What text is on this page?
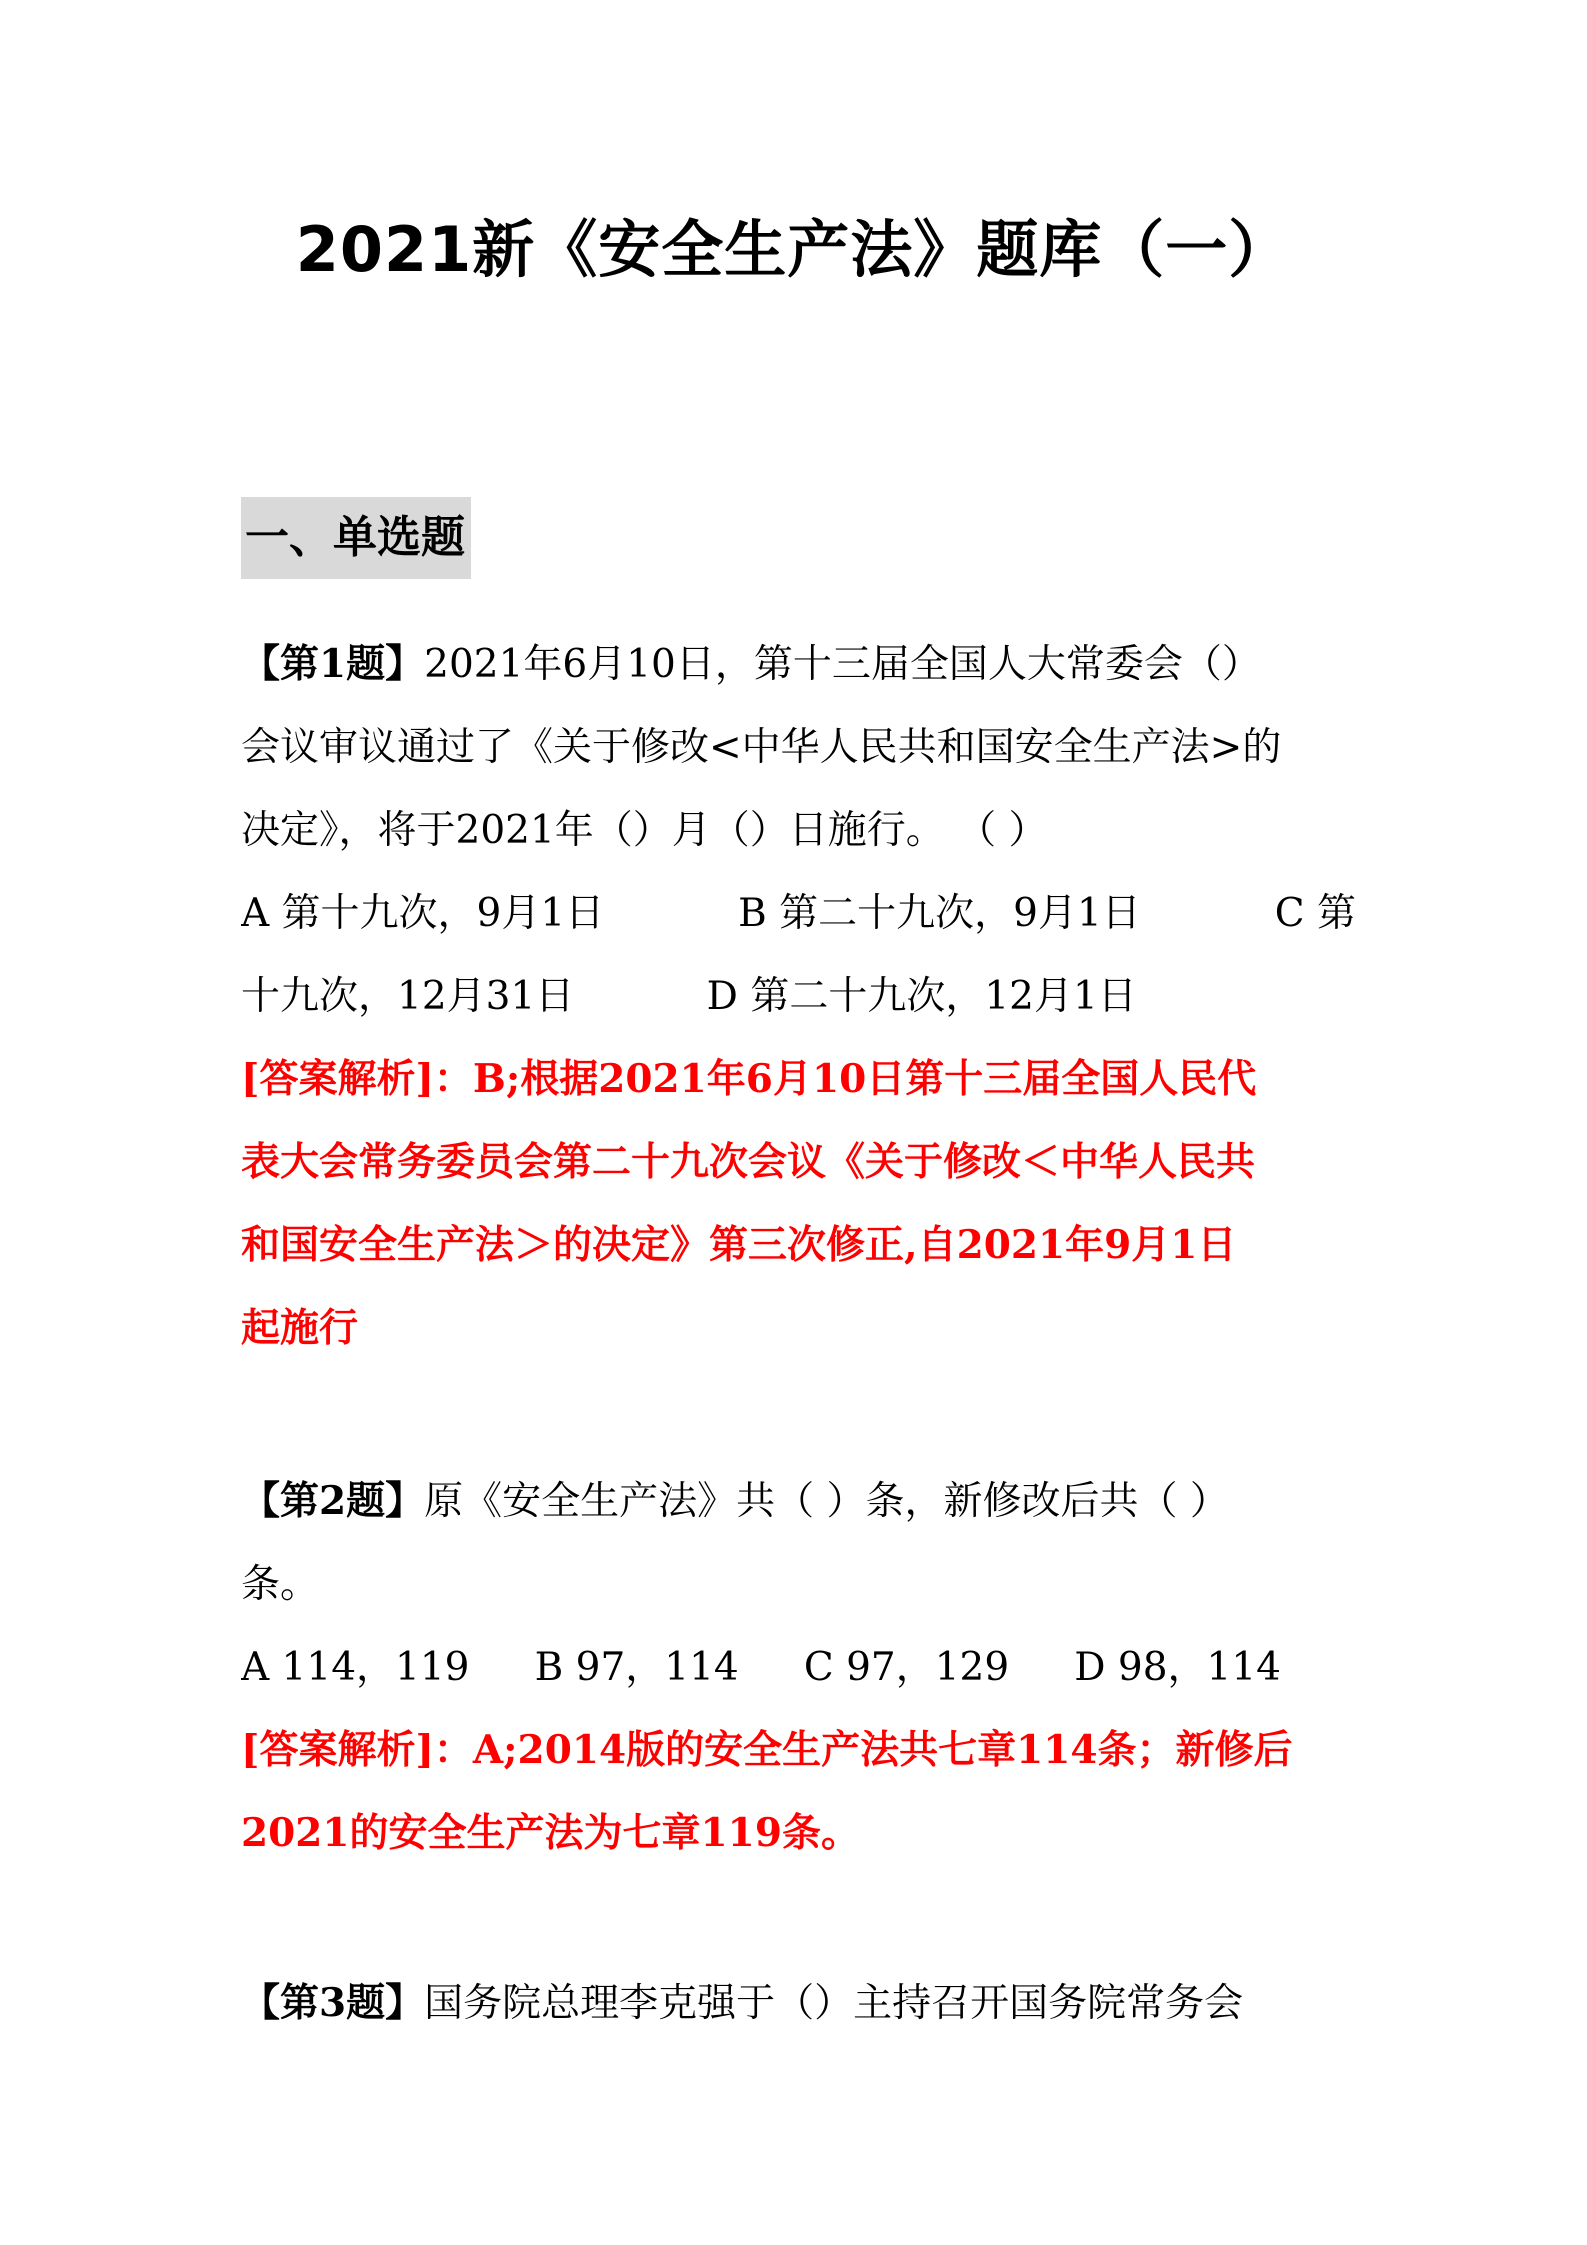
2021新《安全生产法》题库（一）
一、单选题
【第1题】2021年6月10日，第十三届全国人大常委会（）
会议审议通过了《关于修改<中华人民共和国安全生产法>的
决定》，将于2021年（）月（）日施行。 （ ）
A 第十九次，9月1日	B 第二十九次，9月1日	C 第
十九次，12月31日	D 第二十九次，12月1日
[答案解析]：B;根据2021年6月10日第十三届全国人民代
表大会常务委员会第二十九次会议《关于修改＜中华人民共
和国安全生产法＞的决定》第三次修正,自2021年9月1日
起施行
【第2题】原《安全生产法》共（ ）条，新修改后共（ ）
条。
A 114，119 B 97，114 C 97，129 D 98，114
[答案解析]：A;2014版的安全生产法共七章114条；新修后
2021的安全生产法为七章119条。
【第3题】国务院总理李克强于（）主持召开国务院常务会
